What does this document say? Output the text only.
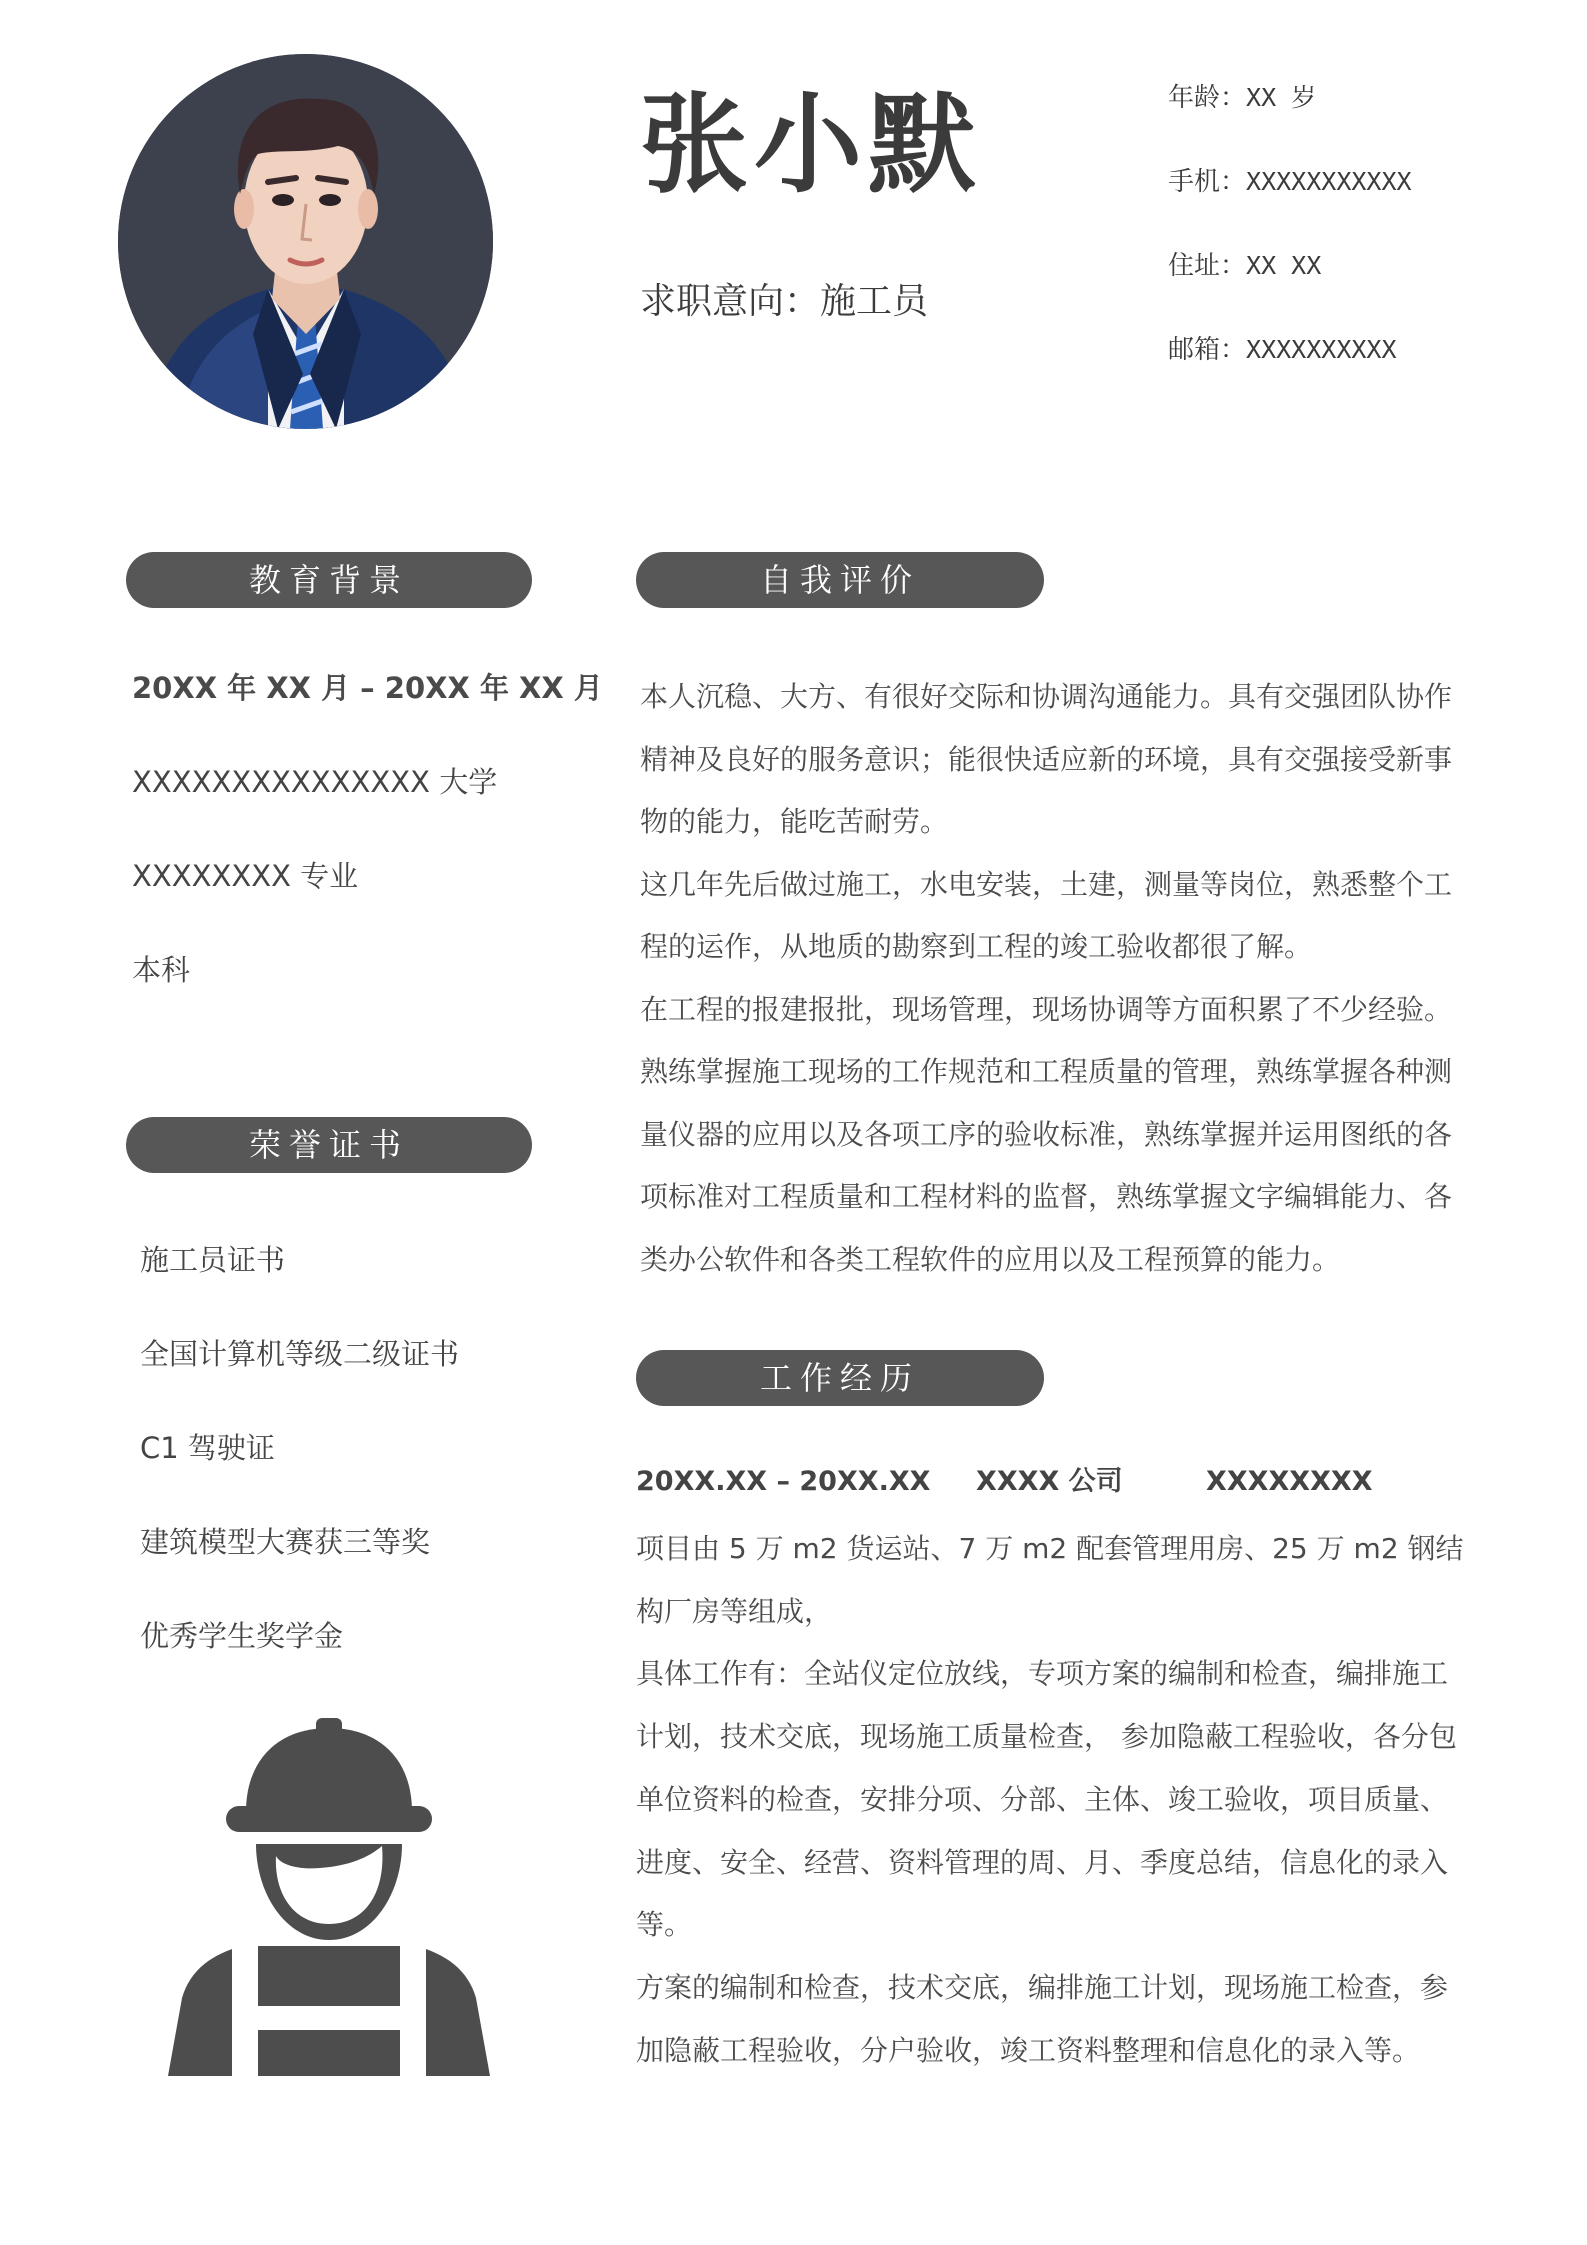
张小默
求职意向：施工员
年龄：XX 岁
手机：XXXXXXXXXXX
住址：XX XX
邮箱：XXXXXXXXXX
教育背景
20XX 年 XX 月 – 20XX 年 XX 月
XXXXXXXXXXXXXXX 大学
XXXXXXXX 专业
本科
荣誉证书
施工员证书
全国计算机等级二级证书
C1 驾驶证
建筑模型大赛获三等奖
优秀学生奖学金
自我评价

本人沉稳、大方、有很好交际和协调沟通能力。具有交强团队协作精神及良好的服务意识；能很快适应新的环境，具有交强接受新事物的能力，能吃苦耐劳。

这几年先后做过施工，水电安装，土建，测量等岗位，熟悉整个工程的运作，从地质的勘察到工程的竣工验收都很了解。

在工程的报建报批，现场管理，现场协调等方面积累了不少经验。熟练掌握施工现场的工作规范和工程质量的管理，熟练掌握各种测量仪器的应用以及各项工序的验收标准，熟练掌握并运用图纸的各项标准对工程质量和工程材料的监督，熟练掌握文字编辑能力、各类办公软件和各类工程软件的应用以及工程预算的能力。

工作经历
20XX.XX – 20XX.XX XXXX 公司	XXXXXXXX

项目由 5 万 m2 货运站、7 万 m2 配套管理用房、25 万 m2 钢结构厂房等组成，

具体工作有：全站仪定位放线，专项方案的编制和检查，编排施工计划，技术交底，现场施工质量检查， 参加隐蔽工程验收，各分包单位资料的检查，安排分项、分部、主体、竣工验收，项目质量、进度、安全、经营、资料管理的周、月、季度总结，信息化的录入等。

方案的编制和检查，技术交底，编排施工计划，现场施工检查，参加隐蔽工程验收，分户验收，竣工资料整理和信息化的录入等。
